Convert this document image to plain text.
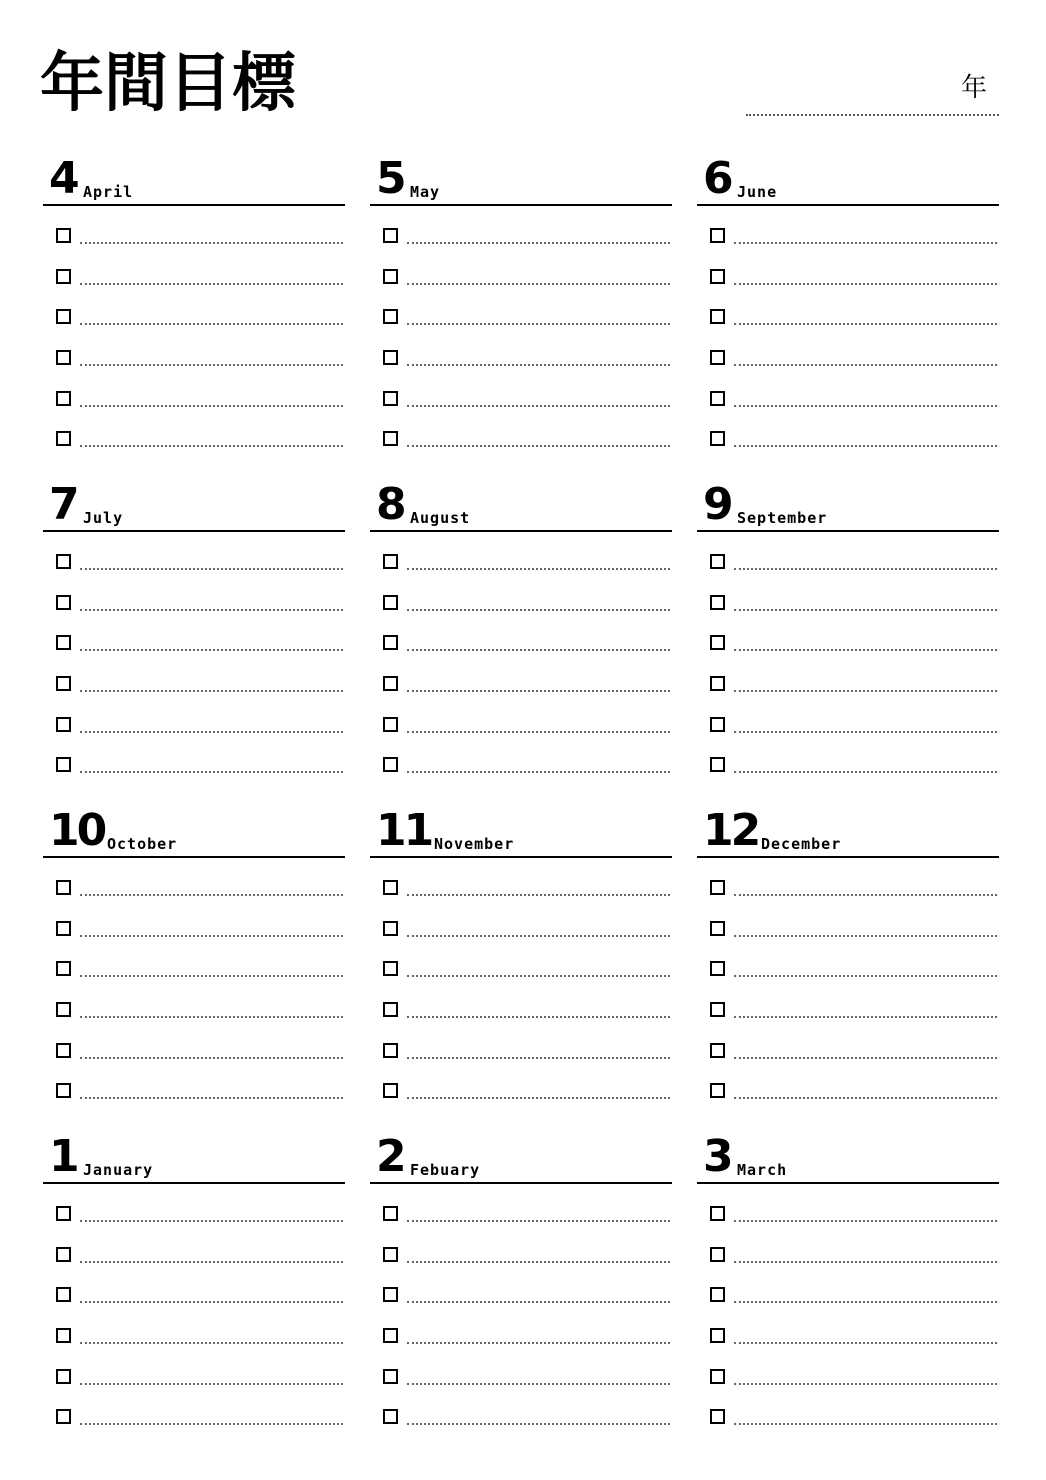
年間目標	年
4 April	5 May	6 June
7 July	8 August	9 September
10 October	11 November	12 December
1 January	2 Febuary	3 March
